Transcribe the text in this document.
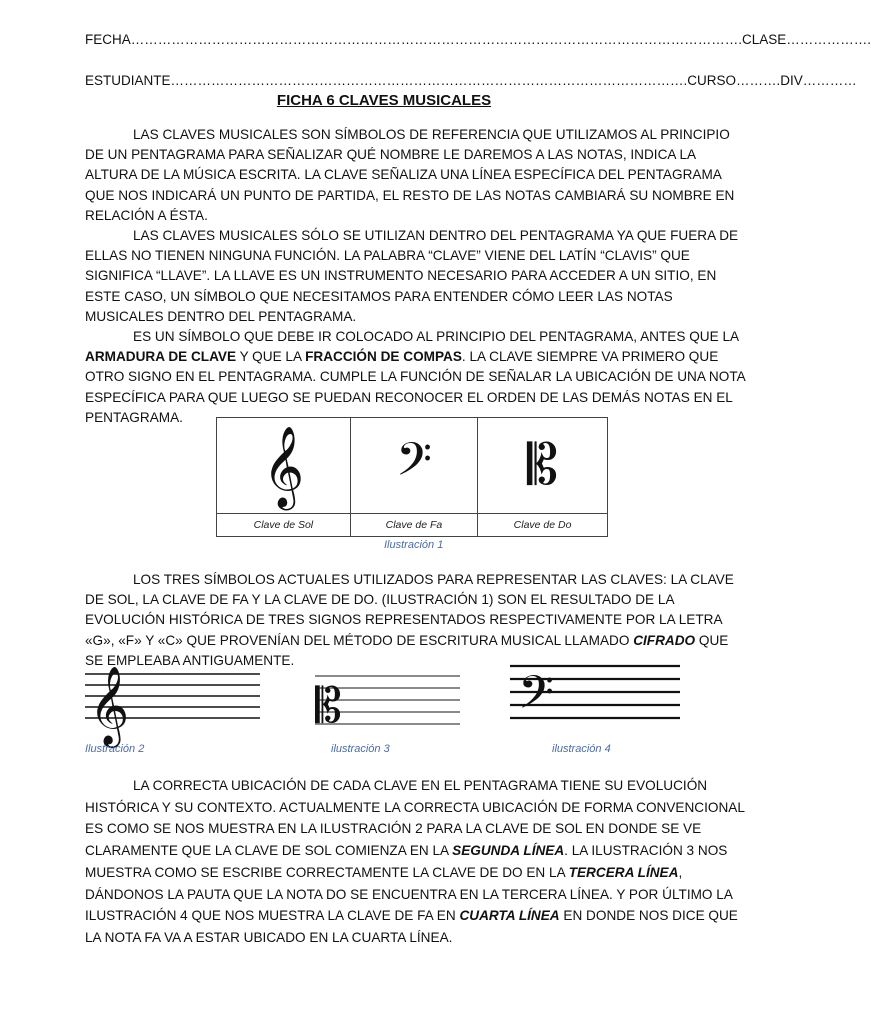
FECHA……………………………………………………………………………………………………………………….CLASE……………….
ESTUDIANTE…………………………………………………………………………………………………….CURSO……….DIV…………
FICHA 6 CLAVES MUSICALES

LAS CLAVES MUSICALES SON SÍMBOLOS DE REFERENCIA QUE UTILIZAMOS AL PRINCIPIO DE UN PENTAGRAMA PARA SEÑALIZAR QUÉ NOMBRE LE DAREMOS A LAS NOTAS, INDICA LA ALTURA DE LA MÚSICA ESCRITA. LA CLAVE SEÑALIZA UNA LÍNEA ESPECÍFICA DEL PENTAGRAMA QUE NOS INDICARÁ UN PUNTO DE PARTIDA, EL RESTO DE LAS NOTAS CAMBIARÁ SU NOMBRE EN RELACIÓN A ÉSTA.

LAS CLAVES MUSICALES SÓLO SE UTILIZAN DENTRO DEL PENTAGRAMA YA QUE FUERA DE ELLAS NO TIENEN NINGUNA FUNCIÓN. LA PALABRA “CLAVE” VIENE DEL LATÍN “CLAVIS” QUE SIGNIFICA “LLAVE”. LA LLAVE ES UN INSTRUMENTO NECESARIO PARA ACCEDER A UN SITIO, EN ESTE CASO, UN SÍMBOLO QUE NECESITAMOS PARA ENTENDER CÓMO LEER LAS NOTAS MUSICALES DENTRO DEL PENTAGRAMA.

ES UN SÍMBOLO QUE DEBE IR COLOCADO AL PRINCIPIO DEL PENTAGRAMA, ANTES QUE LA ARMADURA DE CLAVE Y QUE LA FRACCIÓN DE COMPAS. LA CLAVE SIEMPRE VA PRIMERO QUE OTRO SIGNO EN EL PENTAGRAMA. CUMPLE LA FUNCIÓN DE SEÑALAR LA UBICACIÓN DE UNA NOTA ESPECÍFICA PARA QUE LUEGO SE PUEDAN RECONOCER EL ORDEN DE LAS DEMÁS NOTAS EN EL PENTAGRAMA.

𝄞	𝄢	𝄡
Clave de Sol	Clave de Fa	Clave de Do
Ilustración 1

LOS TRES SÍMBOLOS ACTUALES UTILIZADOS PARA REPRESENTAR LAS CLAVES: LA CLAVE DE SOL, LA CLAVE DE FA Y LA CLAVE DE DO. (ILUSTRACIÓN 1) SON EL RESULTADO DE LA EVOLUCIÓN HISTÓRICA DE TRES SIGNOS REPRESENTADOS RESPECTIVAMENTE POR LA LETRA «G», «F» Y «C» QUE PROVENÍAN DEL MÉTODO DE ESCRITURA MUSICAL LLAMADO CIFRADO QUE SE EMPLEABA ANTIGUAMENTE.

𝄞	𝄡	𝄢
Ilustración 2	ilustración 3	ilustración 4

LA CORRECTA UBICACIÓN DE CADA CLAVE EN EL PENTAGRAMA TIENE SU EVOLUCIÓN HISTÓRICA Y SU CONTEXTO. ACTUALMENTE LA CORRECTA UBICACIÓN DE FORMA CONVENCIONAL ES COMO SE NOS MUESTRA EN LA ILUSTRACIÓN 2 PARA LA CLAVE DE SOL EN DONDE SE VE CLARAMENTE QUE LA CLAVE DE SOL COMIENZA EN LA SEGUNDA LÍNEA. LA ILUSTRACIÓN 3 NOS MUESTRA COMO SE ESCRIBE CORRECTAMENTE LA CLAVE DE DO EN LA TERCERA LÍNEA, DÁNDONOS LA PAUTA QUE LA NOTA DO SE ENCUENTRA EN LA TERCERA LÍNEA. Y POR ÚLTIMO LA ILUSTRACIÓN 4 QUE NOS MUESTRA LA CLAVE DE FA EN CUARTA LÍNEA EN DONDE NOS DICE QUE LA NOTA FA VA A ESTAR UBICADO EN LA CUARTA LÍNEA.
